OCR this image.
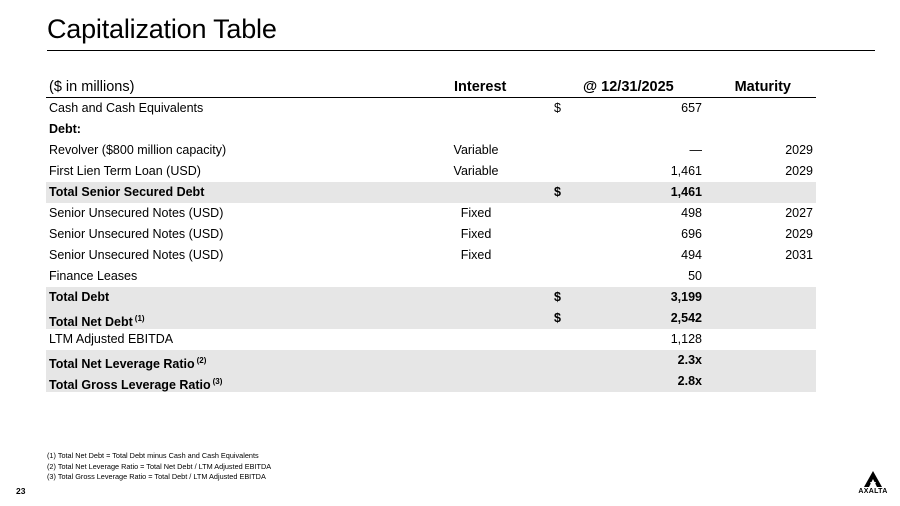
Capitalization Table
($ in millions)	Interest	@ 12/31/2025	Maturity
Cash and Cash Equivalents	$	657
Debt:
Revolver ($800 million capacity)	Variable	—	2029
First Lien Term Loan (USD)	Variable	1,461	2029
Total Senior Secured Debt	$	1,461
Senior Unsecured Notes (USD)	Fixed	498	2027
Senior Unsecured Notes (USD)	Fixed	696	2029
Senior Unsecured Notes (USD)	Fixed	494	2031
Finance Leases	50
Total Debt	$	3,199
Total Net Debt $^{(1)}$	$	2,542
LTM Adjusted EBITDA	1,128
Total Net Leverage Ratio $^{(2)}$	2.3x
Total Gross Leverage Ratio $^{(3)}$	2.8x
(1) Total Net Debt = Total Debt minus Cash and Cash Equivalents
(2) Total Net Leverage Ratio = Total Net Debt / LTM Adjusted EBITDA
(3) Total Gross Leverage Ratio = Total Debt / LTM Adjusted EBITDA
23	AXALTA
